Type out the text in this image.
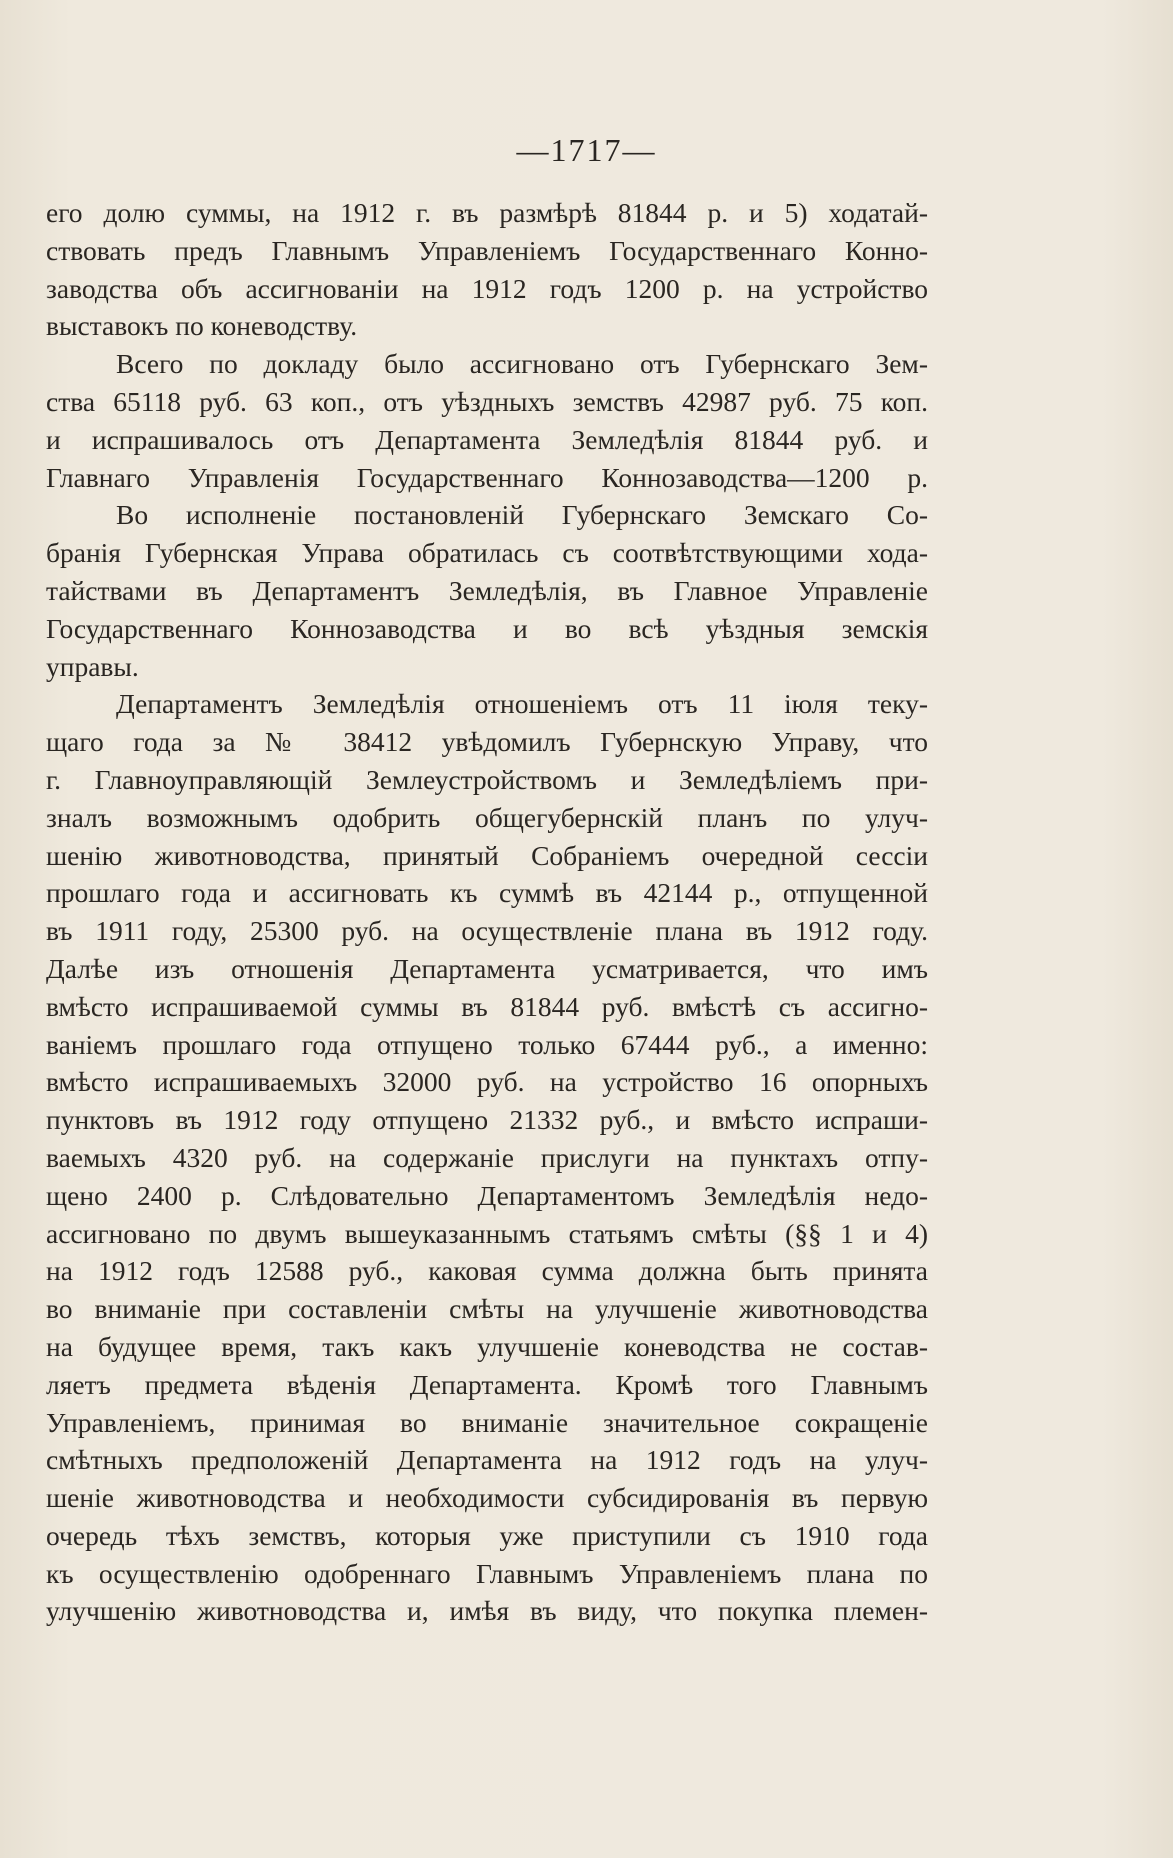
—1717—
его долю суммы, на 1912 г. въ размѣрѣ 81844 р. и 5) ходатай-
ствовать предъ Главнымъ Управленіемъ Государственнаго Конно-
заводства объ ассигнованіи на 1912 годъ 1200 р. на устройство
выставокъ по коневодству.
Всего по докладу было ассигновано отъ Губернскаго Зем-
ства 65118 руб. 63 коп., отъ уѣздныхъ земствъ 42987 руб. 75 коп.
и испрашивалось отъ Департамента Земледѣлія 81844 руб. и
Главнаго Управленія Государственнаго Коннозаводства—1200 р.
Во исполненіе постановленій Губернскаго Земскаго Со-
бранія Губернская Управа обратилась съ соотвѣтствующими хода-
тайствами въ Департаментъ Земледѣлія, въ Главное Управленіе
Государственнаго Коннозаводства и во всѣ уѣздныя земскія
управы.
Департаментъ Земледѣлія отношеніемъ отъ 11 іюля теку-
щаго года за № 38412 увѣдомилъ Губернскую Управу, что
г. Главноуправляющій Землеустройствомъ и Земледѣліемъ при-
зналъ возможнымъ одобрить общегубернскій планъ по улуч-
шенію животноводства, принятый Собраніемъ очередной сессіи
прошлаго года и ассигновать къ суммѣ въ 42144 р., отпущенной
въ 1911 году, 25300 руб. на осуществленіе плана въ 1912 году.
Далѣе изъ отношенія Департамента усматривается, что имъ
вмѣсто испрашиваемой суммы въ 81844 руб. вмѣстѣ съ ассигно-
ваніемъ прошлаго года отпущено только 67444 руб., а именно:
вмѣсто испрашиваемыхъ 32000 руб. на устройство 16 опорныхъ
пунктовъ въ 1912 году отпущено 21332 руб., и вмѣсто испраши-
ваемыхъ 4320 руб. на содержаніе прислуги на пунктахъ отпу-
щено 2400 р. Слѣдовательно Департаментомъ Земледѣлія недо-
ассигновано по двумъ вышеуказаннымъ статьямъ смѣты (§§ 1 и 4)
на 1912 годъ 12588 руб., каковая сумма должна быть принята
во вниманіе при составленіи смѣты на улучшеніе животноводства
на будущее время, такъ какъ улучшеніе коневодства не состав-
ляетъ предмета вѣденія Департамента. Кромѣ того Главнымъ
Управленіемъ, принимая во вниманіе значительное сокращеніе
смѣтныхъ предположеній Департамента на 1912 годъ на улуч-
шеніе животноводства и необходимости субсидированія въ первую
очередь тѣхъ земствъ, которыя уже приступили съ 1910 года
къ осуществленію одобреннаго Главнымъ Управленіемъ плана по
улучшенію животноводства и, имѣя въ виду, что покупка племен-
